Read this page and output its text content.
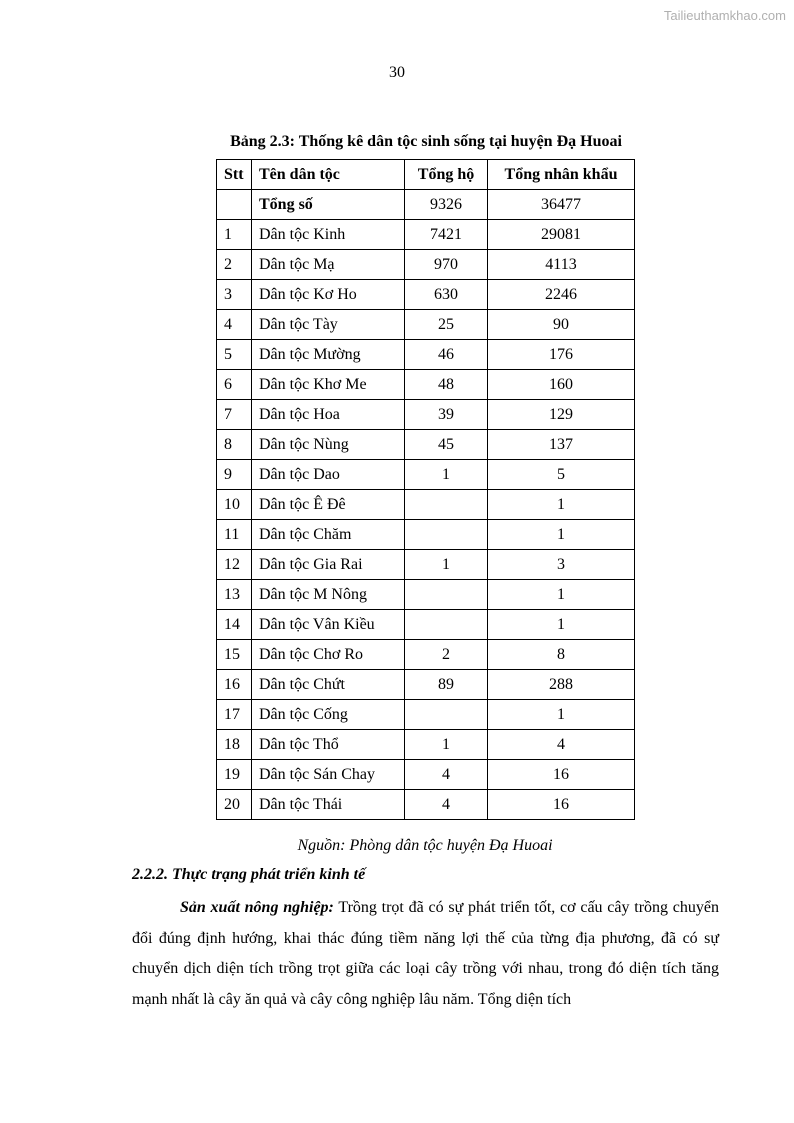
Tailieuthamkhao.com
30
Bảng 2.3: Thống kê dân tộc sinh sống tại huyện Đạ Huoai
Stt	Tên dân tộc	Tổng hộ	Tổng nhân khẩu
	Tổng số	9326	36477
1	Dân tộc Kinh	7421	29081
2	Dân tộc Mạ	970	4113
3	Dân tộc Kơ Ho	630	2246
4	Dân tộc Tày	25	90
5	Dân tộc Mường	46	176
6	Dân tộc Khơ Me	48	160
7	Dân tộc Hoa	39	129
8	Dân tộc Nùng	45	137
9	Dân tộc Dao	1	5
10	Dân tộc Ê Đê		1
11	Dân tộc Chăm		1
12	Dân tộc Gia Rai	1	3
13	Dân tộc M Nông		1
14	Dân tộc Vân Kiều		1
15	Dân tộc Chơ Ro	2	8
16	Dân tộc Chứt	89	288
17	Dân tộc Cống		1
18	Dân tộc Thổ	1	4
19	Dân tộc Sán Chay	4	16
20	Dân tộc Thái	4	16
Nguồn: Phòng dân tộc huyện Đạ Huoai
2.2.2. Thực trạng phát triển kinh tế
Sản xuất nông nghiệp: Trồng trọt đã có sự phát triển tốt, cơ cấu cây trồng chuyển đổi đúng định hướng, khai thác đúng tiềm năng lợi thế của từng địa phương, đã có sự chuyển dịch diện tích trồng trọt giữa các loại cây trồng với nhau, trong đó diện tích tăng mạnh nhất là cây ăn quả và cây công nghiệp lâu năm. Tổng diện tích
